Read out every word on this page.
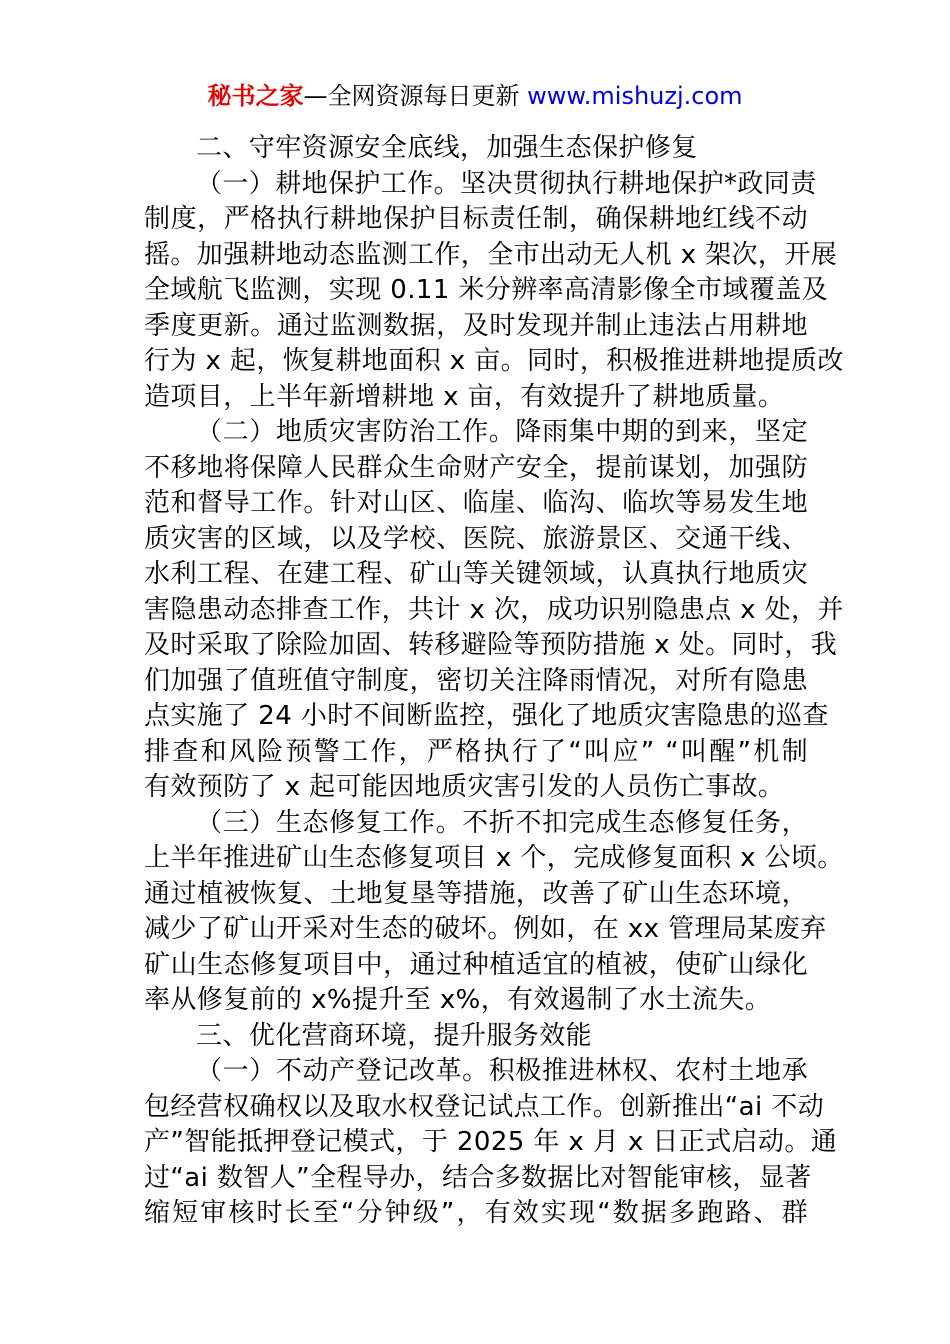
秘书之家—全网资源每日更新 www.mishuzj.com
二、守牢资源安全底线，加强生态保护修复
（一）耕地保护工作。坚决贯彻执行耕地保护*政同责
制度，严格执行耕地保护目标责任制，确保耕地红线不动
摇。加强耕地动态监测工作，全市出动无人机 x 架次，开展
全域航飞监测，实现 0.11 米分辨率高清影像全市域覆盖及
季度更新。通过监测数据，及时发现并制止违法占用耕地
行为 x 起，恢复耕地面积 x 亩。同时，积极推进耕地提质改
造项目，上半年新增耕地 x 亩，有效提升了耕地质量。
（二）地质灾害防治工作。降雨集中期的到来，坚定
不移地将保障人民群众生命财产安全，提前谋划，加强防
范和督导工作。针对山区、临崖、临沟、临坎等易发生地
质灾害的区域，以及学校、医院、旅游景区、交通干线、
水利工程、在建工程、矿山等关键领域，认真执行地质灾
害隐患动态排查工作，共计 x 次，成功识别隐患点 x 处，并
及时采取了除险加固、转移避险等预防措施 x 处。同时，我
们加强了值班值守制度，密切关注降雨情况，对所有隐患
点实施了 24 小时不间断监控，强化了地质灾害隐患的巡查
排查和风险预警工作，严格执行了“叫应” “叫醒”机制
有效预防了 x 起可能因地质灾害引发的人员伤亡事故。
（三）生态修复工作。不折不扣完成生态修复任务，
上半年推进矿山生态修复项目 x 个，完成修复面积 x 公顷。
通过植被恢复、土地复垦等措施，改善了矿山生态环境，
减少了矿山开采对生态的破坏。例如，在 xx 管理局某废弃
矿山生态修复项目中，通过种植适宜的植被，使矿山绿化
率从修复前的 x%提升至 x%，有效遏制了水土流失。
三、优化营商环境，提升服务效能
（一）不动产登记改革。积极推进林权、农村土地承
包经营权确权以及取水权登记试点工作。创新推出“ai 不动
产”智能抵押登记模式，于 2025 年 x 月 x 日正式启动。通
过“ai 数智人”全程导办，结合多数据比对智能审核，显著
缩短审核时长至“分钟级”，有效实现“数据多跑路、群
